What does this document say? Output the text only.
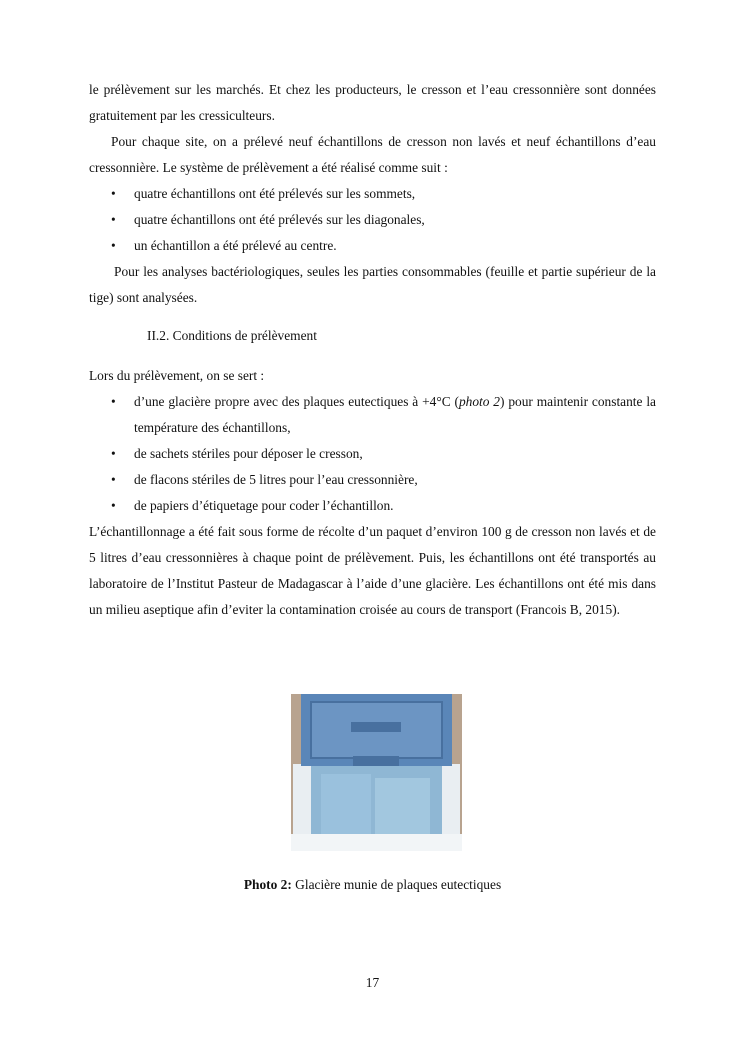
le prélèvement sur les marchés. Et chez les producteurs, le cresson et l’eau cressonnière sont données gratuitement par les cressiculteurs.

Pour chaque site, on a prélevé neuf échantillons de cresson non lavés et neuf échantillons d’eau cressonnière. Le système de prélèvement a été réalisé comme suit :

• quatre échantillons ont été prélevés sur les sommets,
• quatre échantillons ont été prélevés sur les diagonales,
• un échantillon a été prélevé au centre.

Pour les analyses bactériologiques, seules les parties consommables (feuille et partie supérieur de la tige) sont analysées.

II.2. Conditions de prélèvement

Lors du prélèvement, on se sert :

• d’une glacière propre avec des plaques eutectiques à +4°C (photo 2) pour maintenir constante la température des échantillons,
• de sachets stériles pour déposer le cresson,
• de flacons stériles de 5 litres pour l’eau cressonnière,
• de papiers d’étiquetage pour coder l’échantillon.

L’échantillonnage a été fait sous forme de récolte d’un paquet d’environ 100 g de cresson non lavés et de 5 litres d’eau cressonnières à chaque point de prélèvement. Puis, les échantillons ont été transportés au laboratoire de l’Institut Pasteur de Madagascar à l’aide d’une glacière. Les échantillons ont été mis dans un milieu aseptique afin d’eviter la contamination croisée au cours de transport (Francois B, 2015).

Photo 2: Glacière munie de plaques eutectiques
17
